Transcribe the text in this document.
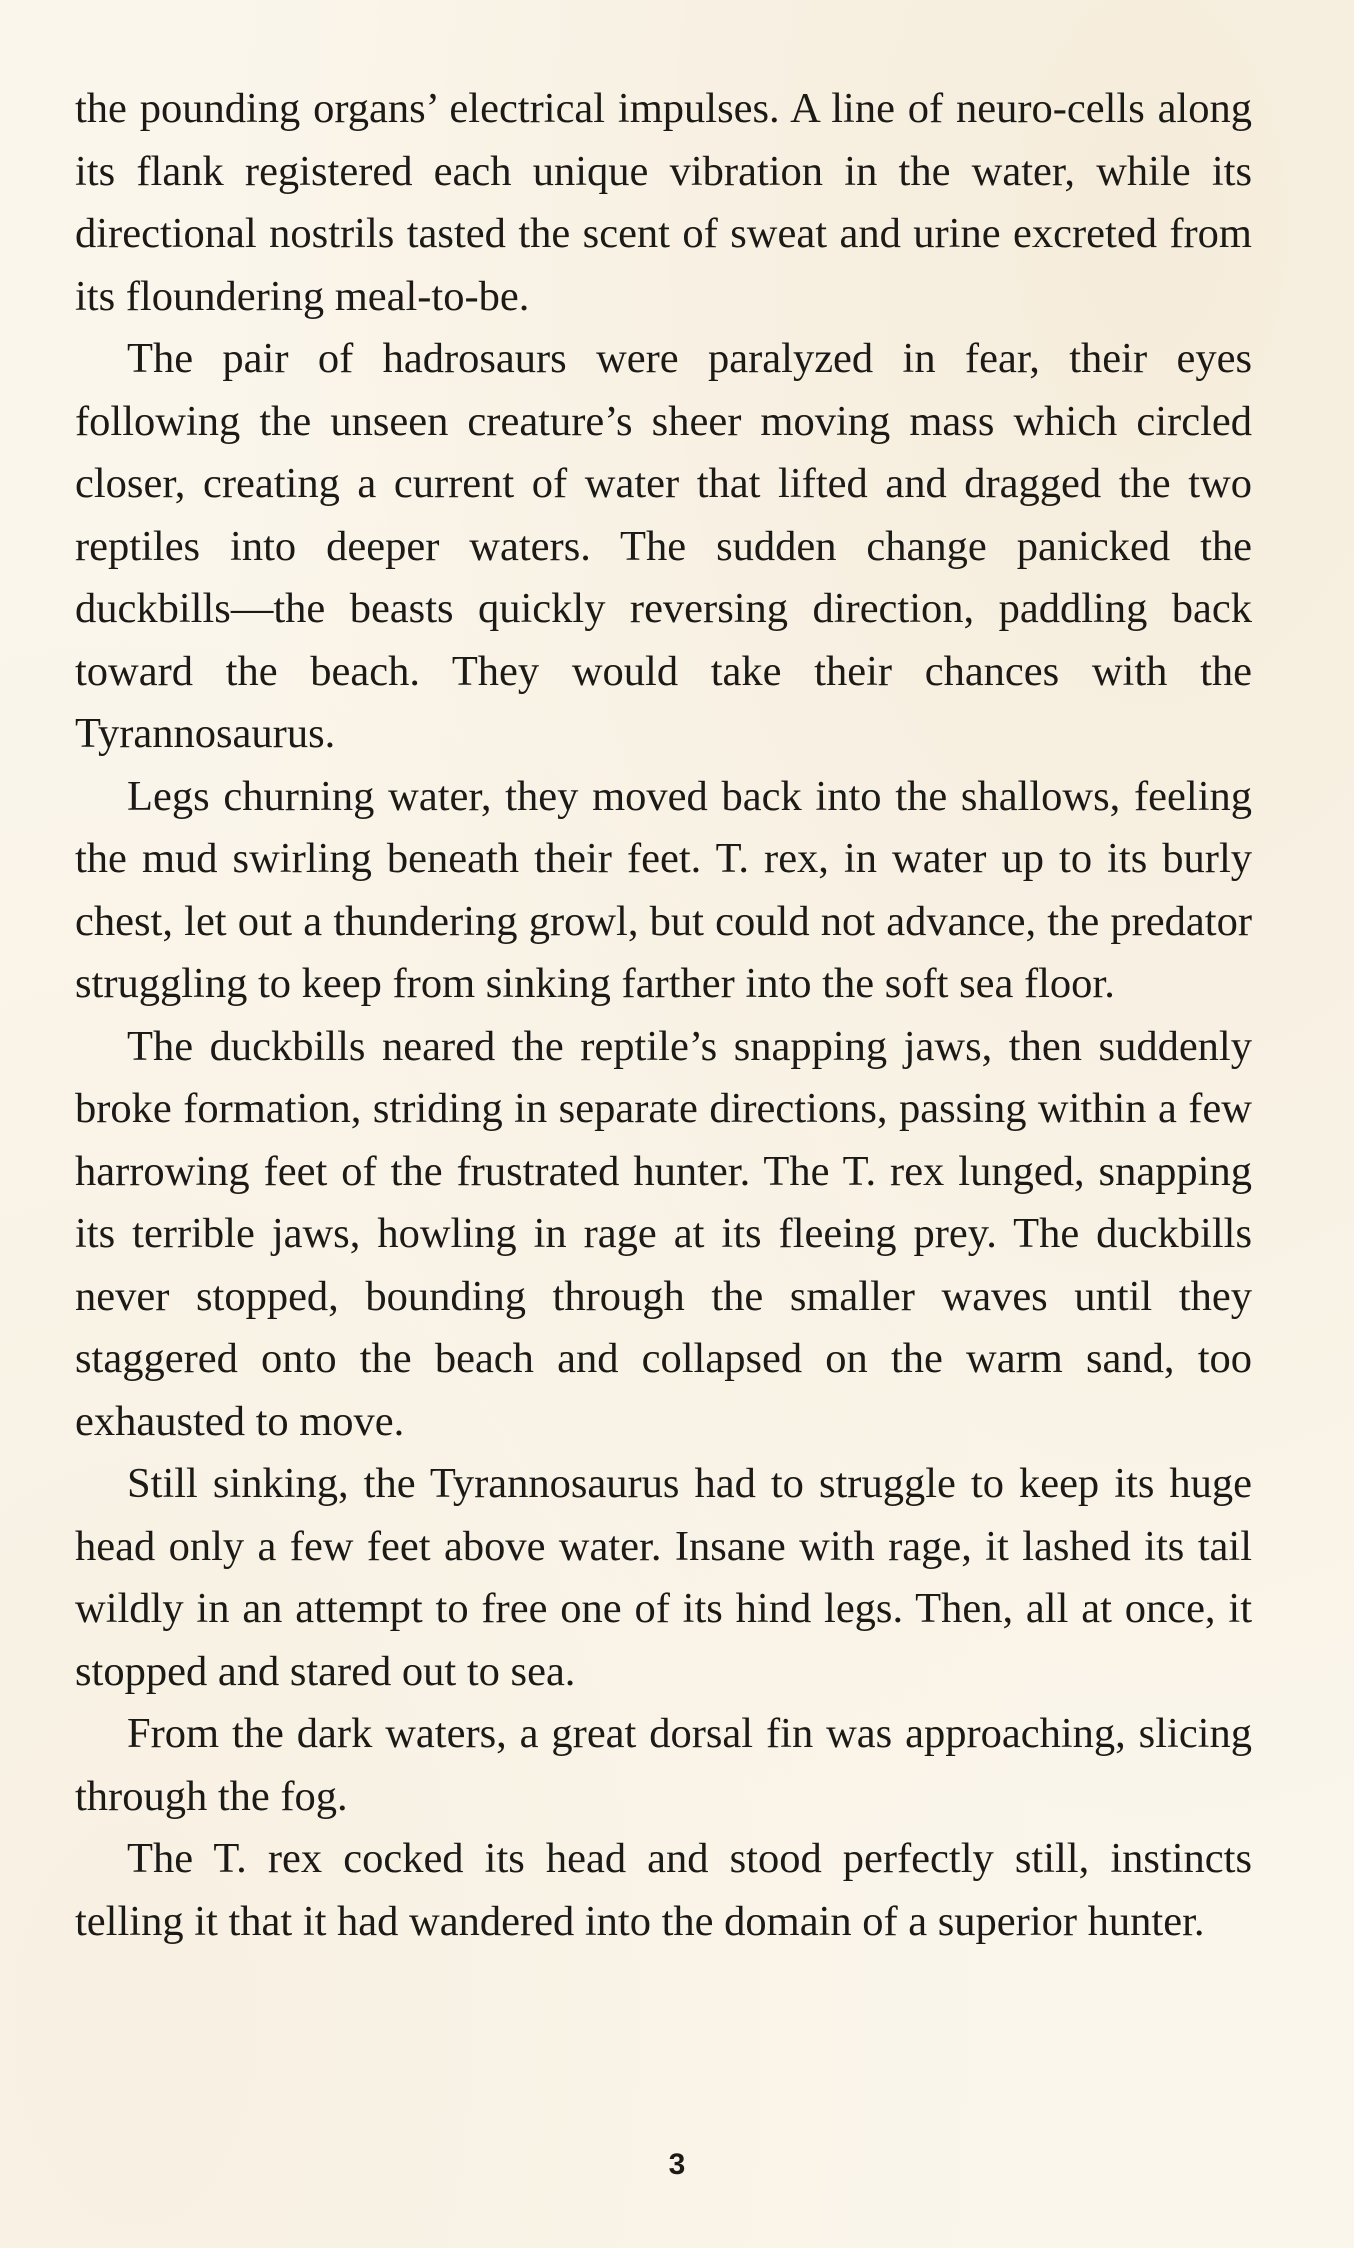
the pounding organs’ electrical impulses. A line of neuro-cells along its flank registered each unique vibration in the water, while its directional nostrils tasted the scent of sweat and urine excreted from its floundering meal-to-be.

The pair of hadrosaurs were paralyzed in fear, their eyes following the unseen creature’s sheer moving mass which circled closer, creating a current of water that lifted and dragged the two reptiles into deeper waters. The sudden change panicked the duckbills—the beasts quickly reversing direction, paddling back toward the beach. They would take their chances with the Tyrannosaurus.

Legs churning water, they moved back into the shallows, feeling the mud swirling beneath their feet. T. rex, in water up to its burly chest, let out a thundering growl, but could not advance, the predator struggling to keep from sinking farther into the soft sea floor.

The duckbills neared the reptile’s snapping jaws, then suddenly broke formation, striding in separate directions, passing within a few harrowing feet of the frustrated hunter. The T. rex lunged, snapping its terrible jaws, howling in rage at its fleeing prey. The duckbills never stopped, bounding through the smaller waves until they staggered onto the beach and collapsed on the warm sand, too exhausted to move.

Still sinking, the Tyrannosaurus had to struggle to keep its huge head only a few feet above water. Insane with rage, it lashed its tail wildly in an attempt to free one of its hind legs. Then, all at once, it stopped and stared out to sea.

From the dark waters, a great dorsal fin was approaching, slicing through the fog.

The T. rex cocked its head and stood perfectly still, instincts telling it that it had wandered into the domain of a superior hunter.

3
